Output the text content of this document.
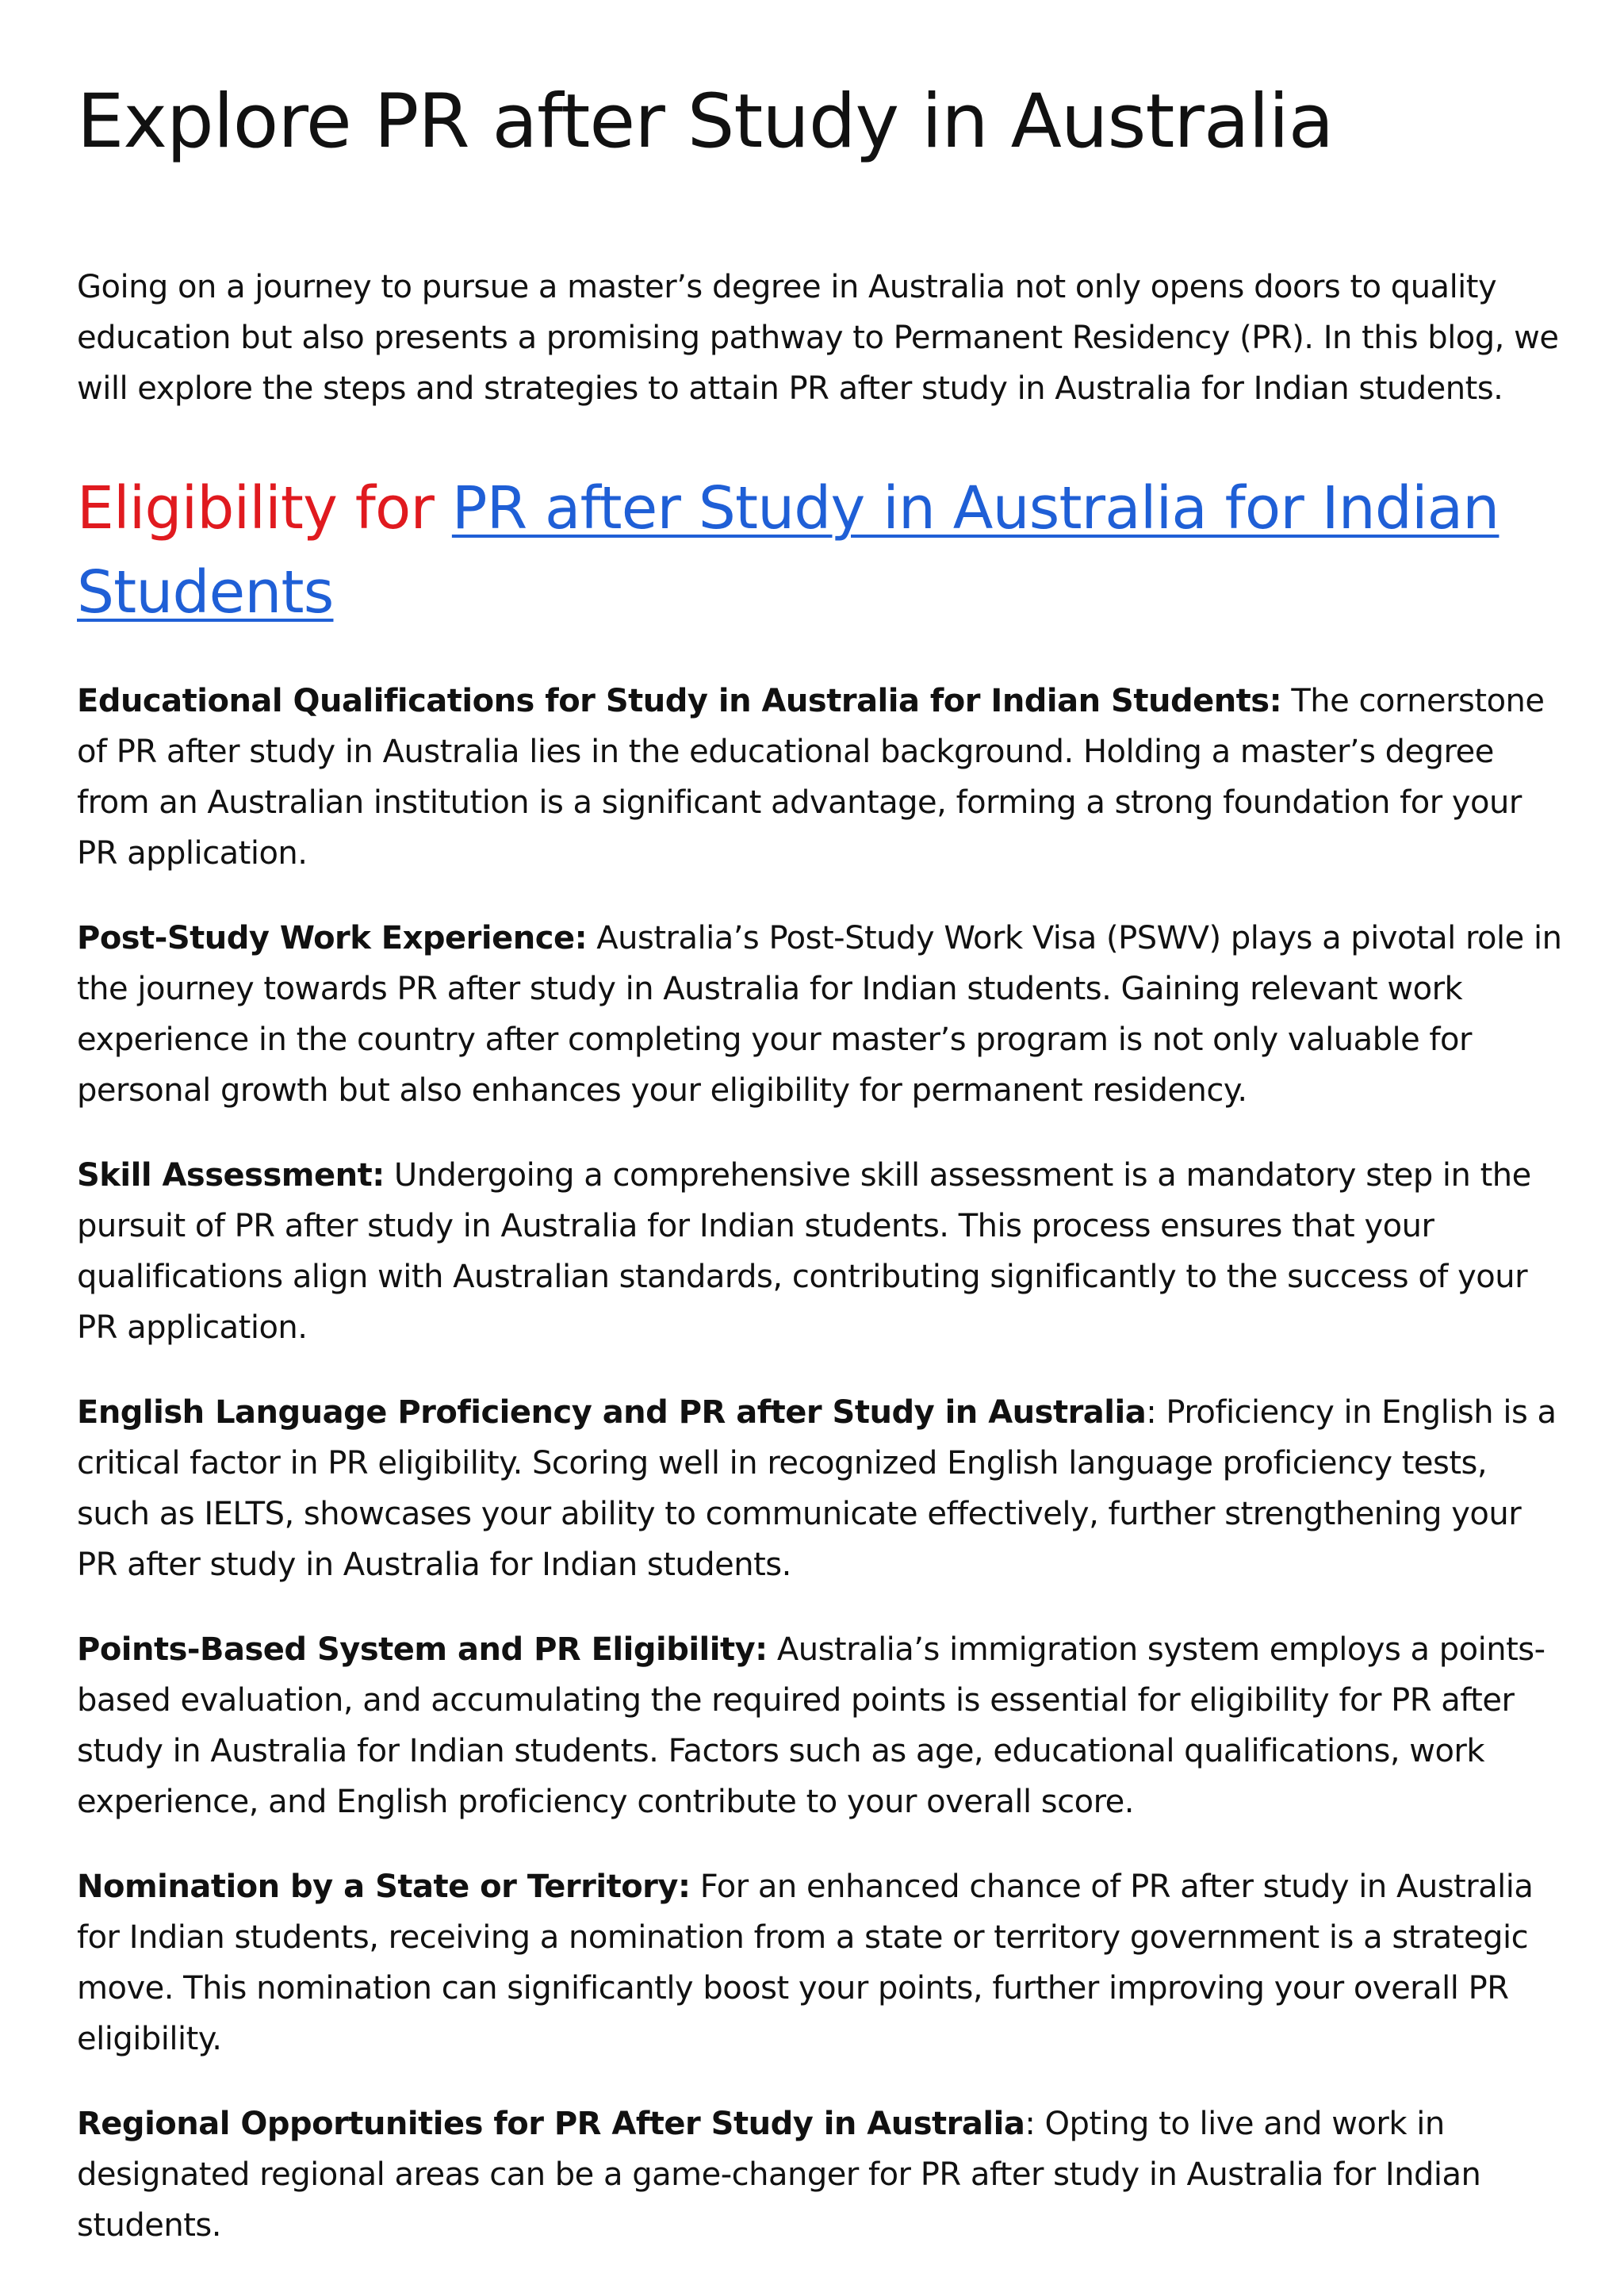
Explore PR after Study in Australia

Going on a journey to pursue a master’s degree in Australia not only opens doors to quality education but also presents a promising pathway to Permanent Residency (PR). In this blog, we will explore the steps and strategies to attain PR after study in Australia for Indian students.

Eligibility for PR after Study in Australia for Indian Students

Educational Qualifications for Study in Australia for Indian Students: The cornerstone of PR after study in Australia lies in the educational background. Holding a master’s degree from an Australian institution is a significant advantage, forming a strong foundation for your PR application.

Post-Study Work Experience: Australia’s Post-Study Work Visa (PSWV) plays a pivotal role in the journey towards PR after study in Australia for Indian students. Gaining relevant work experience in the country after completing your master’s program is not only valuable for personal growth but also enhances your eligibility for permanent residency.

Skill Assessment: Undergoing a comprehensive skill assessment is a mandatory step in the pursuit of PR after study in Australia for Indian students. This process ensures that your qualifications align with Australian standards, contributing significantly to the success of your PR application.

English Language Proficiency and PR after Study in Australia: Proficiency in English is a critical factor in PR eligibility. Scoring well in recognized English language proficiency tests, such as IELTS, showcases your ability to communicate effectively, further strengthening your PR after study in Australia for Indian students.

Points-Based System and PR Eligibility: Australia’s immigration system employs a points-based evaluation, and accumulating the required points is essential for eligibility for PR after study in Australia for Indian students. Factors such as age, educational qualifications, work experience, and English proficiency contribute to your overall score.

Nomination by a State or Territory: For an enhanced chance of PR after study in Australia for Indian students, receiving a nomination from a state or territory government is a strategic move. This nomination can significantly boost your points, further improving your overall PR eligibility.

Regional Opportunities for PR After Study in Australia: Opting to live and work in designated regional areas can be a game-changer for PR after study in Australia for Indian students.
